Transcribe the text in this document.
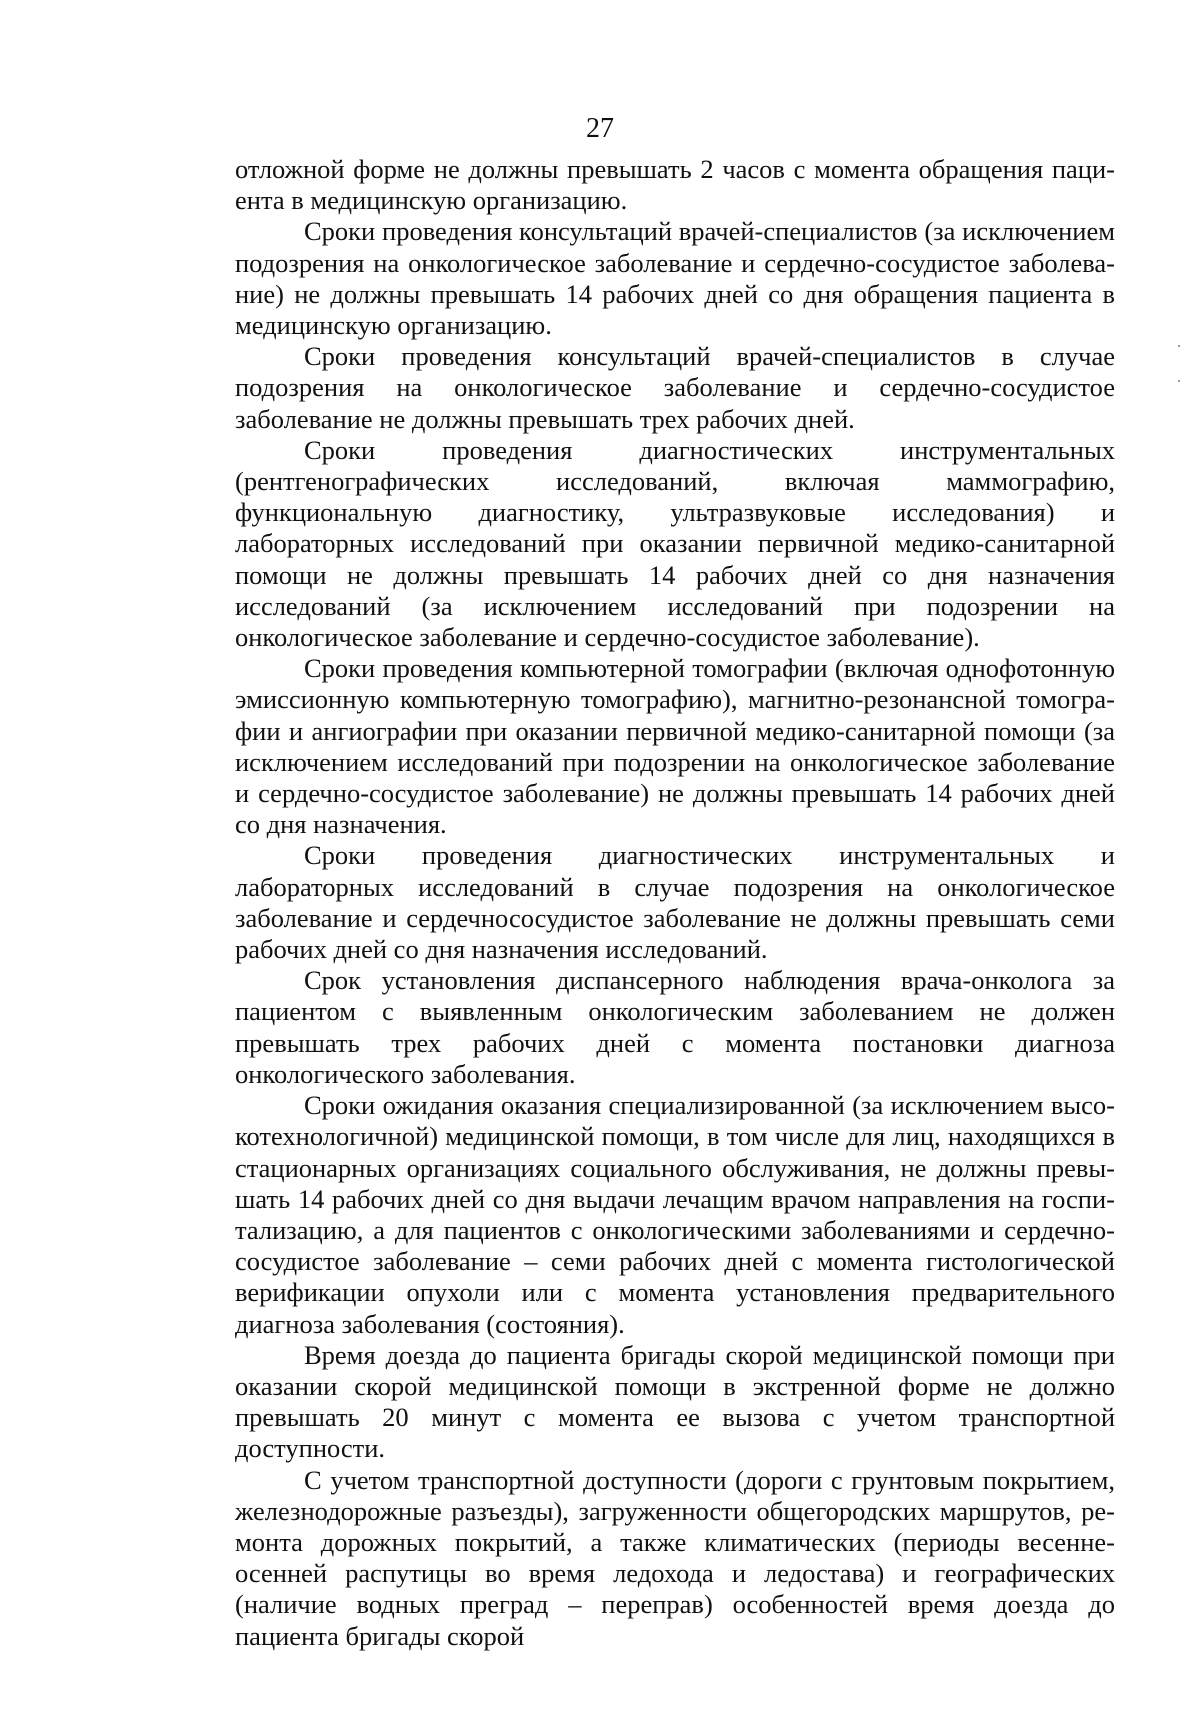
27

отложной форме не должны превышать 2 часов с момента обращения пациента в медицинскую организацию.

Сроки проведения консультаций врачей-специалистов (за исключением подозрения на онкологическое заболевание и сердечно-сосудистое заболевание) не должны превышать 14 рабочих дней со дня обращения пациента в медицинскую организацию.

Сроки проведения консультаций врачей-специалистов в случае подозрения на онкологическое заболевание и сердечно-сосудистое заболевание не должны превышать трех рабочих дней.

Сроки проведения диагностических инструментальных (рентгенографических исследований, включая маммографию, функциональную диагностику, ультразвуковые исследования) и лабораторных исследований при оказании первичной медико-санитарной помощи не должны превышать 14 рабочих дней со дня назначения исследований (за исключением исследований при подозрении на онкологическое заболевание и сердечно-сосудистое заболевание).

Сроки проведения компьютерной томографии (включая однофотонную эмиссионную компьютерную томографию), магнитно-резонансной томографии и ангиографии при оказании первичной медико-санитарной помощи (за исключением исследований при подозрении на онкологическое заболевание и сердечно-сосудистое заболевание) не должны превышать 14 рабочих дней со дня назначения.

Сроки проведения диагностических инструментальных и лабораторных исследований в случае подозрения на онкологическое заболевание и сердечнососудистое заболевание не должны превышать семи рабочих дней со дня назначения исследований.

Срок установления диспансерного наблюдения врача-онколога за пациентом с выявленным онкологическим заболеванием не должен превышать трех рабочих дней с момента постановки диагноза онкологического заболевания.

Сроки ожидания оказания специализированной (за исключением высокотехнологичной) медицинской помощи, в том числе для лиц, находящихся в стационарных организациях социального обслуживания, не должны превышать 14 рабочих дней со дня выдачи лечащим врачом направления на госпитализацию, а для пациентов с онкологическими заболеваниями и сердечно-сосудистое заболевание – семи рабочих дней с момента гистологической верификации опухоли или с момента установления предварительного диагноза заболевания (состояния).

Время доезда до пациента бригады скорой медицинской помощи при оказании скорой медицинской помощи в экстренной форме не должно превышать 20 минут с момента ее вызова с учетом транспортной доступности.

С учетом транспортной доступности (дороги с грунтовым покрытием, железнодорожные разъезды), загруженности общегородских маршрутов, ремонта дорожных покрытий, а также климатических (периоды весенне-осенней распутицы во время ледохода и ледостава) и географических (наличие водных преград – переправ) особенностей время доезда до пациента бригады скорой
